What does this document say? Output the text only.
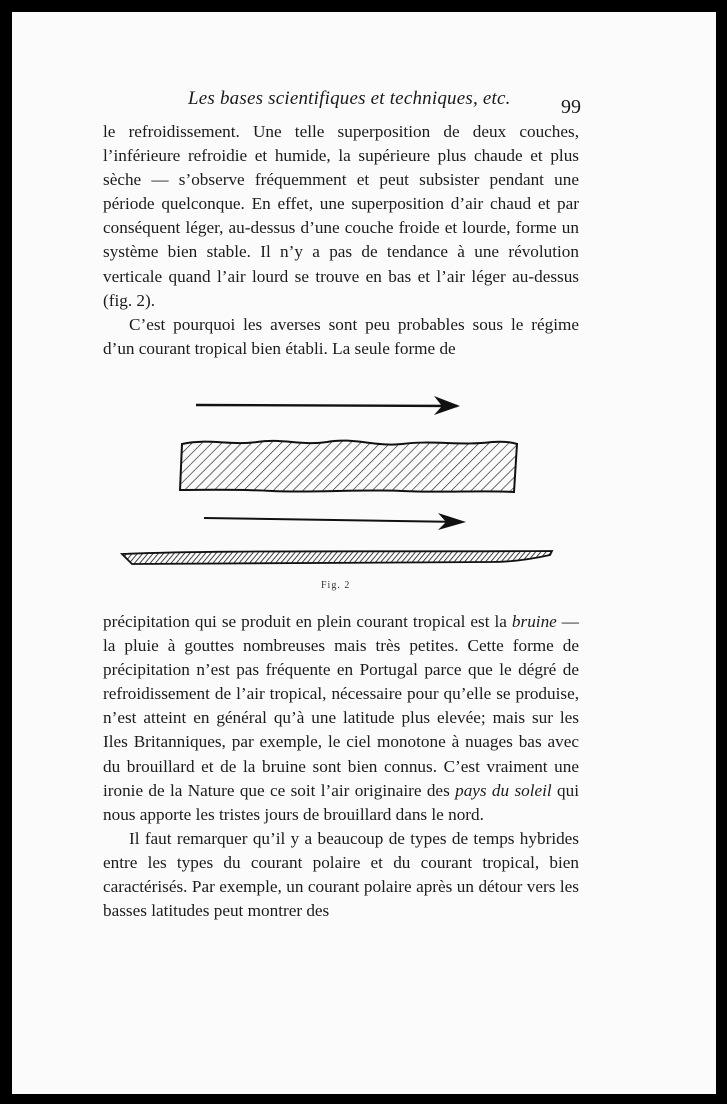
Les bases scientifiques et techniques, etc.	99

le refroidissement. Une telle superposition de deux couches, l’inférieure refroidie et humide, la supérieure plus chaude et plus sèche — s’observe fréquemment et peut subsister pendant une période quelconque. En effet, une superposition d’air chaud et par conséquent léger, au-dessus d’une couche froide et lourde, forme un système bien stable. Il n’y a pas de tendance à une révolution verticale quand l’air lourd se trouve en bas et l’air léger au-dessus (fig. 2).

C’est pourquoi les averses sont peu probables sous le régime d’un courant tropical bien établi. La seule forme de

Fig. 2

précipitation qui se produit en plein courant tropical est la bruine — la pluie à gouttes nombreuses mais très petites. Cette forme de précipitation n’est pas fréquente en Portugal parce que le dégré de refroidissement de l’air tropical, nécessaire pour qu’elle se produise, n’est atteint en général qu’à une latitude plus elevée; mais sur les Iles Britanniques, par exemple, le ciel monotone à nuages bas avec du brouillard et de la bruine sont bien connus. C’est vraiment une ironie de la Nature que ce soit l’air originaire des pays du soleil qui nous apporte les tristes jours de brouillard dans le nord.

Il faut remarquer qu’il y a beaucoup de types de temps hybrides entre les types du courant polaire et du courant tropical, bien caractérisés. Par exemple, un courant polaire après un détour vers les basses latitudes peut montrer des
